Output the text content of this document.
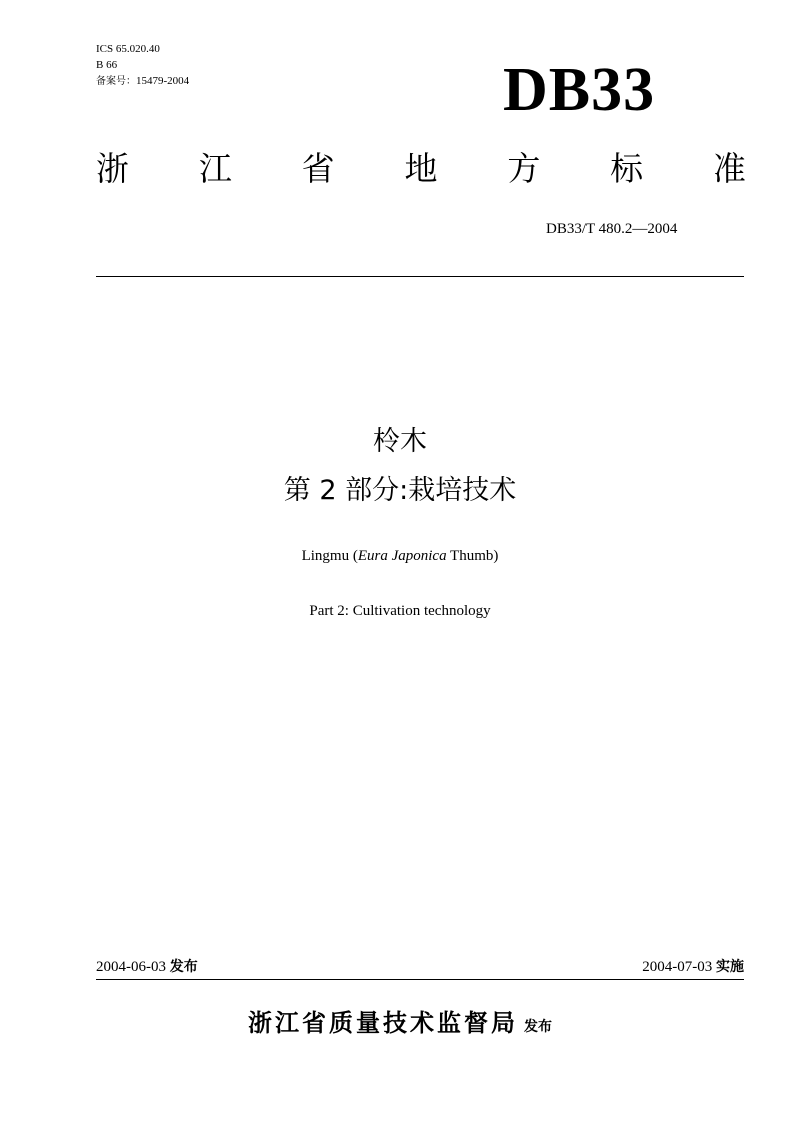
ICS 65.020.40
B 66
备案号：15479-2004	DB33
浙 江 省 地 方 标 准
DB33/T 480.2—2004
柃木
第 2 部分:栽培技术
Lingmu (Eura Japonica Thumb)
Part 2: Cultivation technology
2004-06-03 发布	2004-07-03 实施
浙江省质量技术监督局 发布
